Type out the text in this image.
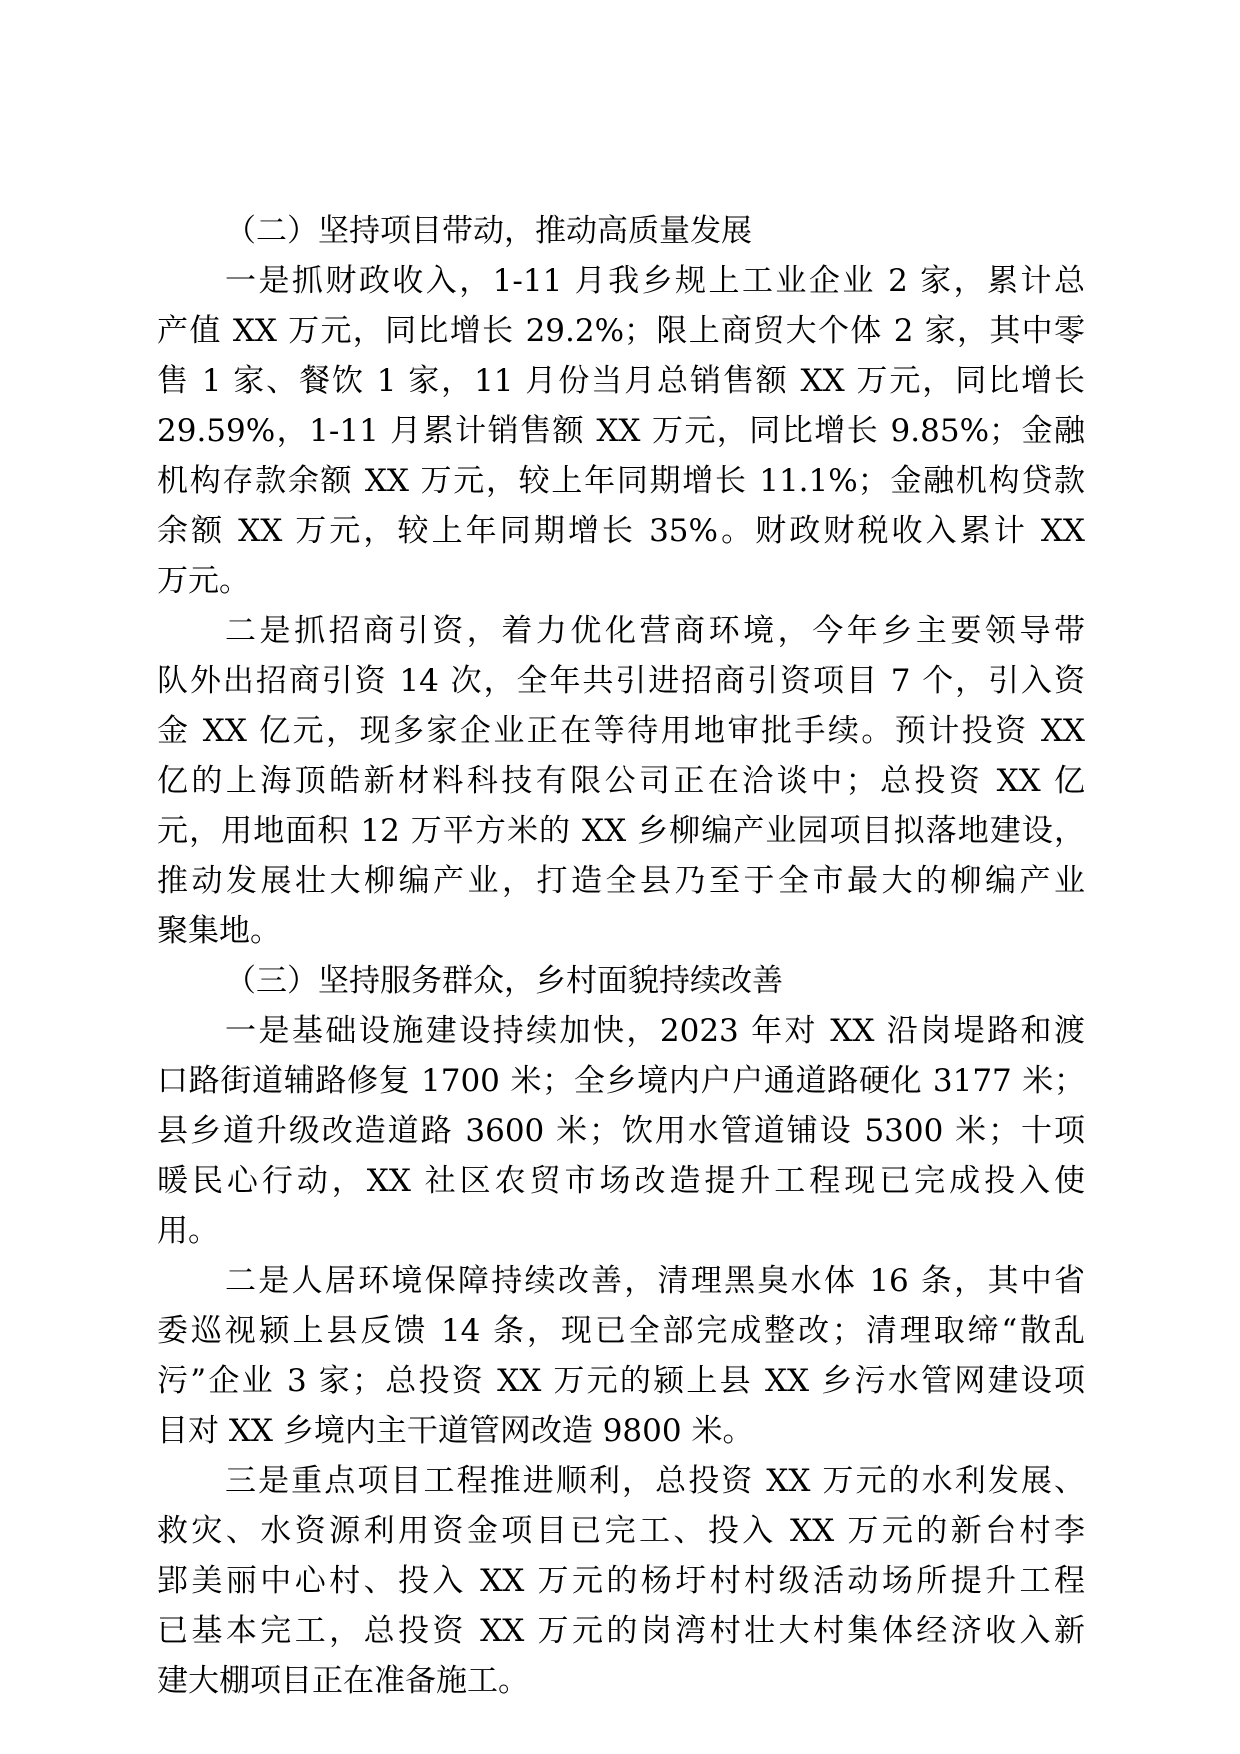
（二）坚持项目带动，推动高质量发展
一是抓财政收入，1-11 月我乡规上工业企业 2 家，累计总
产值 XX 万元，同比增长 29.2%；限上商贸大个体 2 家，其中零
售 1 家、餐饮 1 家，11 月份当月总销售额 XX 万元，同比增长
29.59%，1-11 月累计销售额 XX 万元，同比增长 9.85%；金融
机构存款余额 XX 万元，较上年同期增长 11.1%；金融机构贷款
余额 XX 万元，较上年同期增长 35%。财政财税收入累计 XX
万元。
二是抓招商引资，着力优化营商环境，今年乡主要领导带
队外出招商引资 14 次，全年共引进招商引资项目 7 个，引入资
金 XX 亿元，现多家企业正在等待用地审批手续。预计投资 XX
亿的上海顶皓新材料科技有限公司正在洽谈中；总投资 XX 亿
元，用地面积 12 万平方米的 XX 乡柳编产业园项目拟落地建设，
推动发展壮大柳编产业，打造全县乃至于全市最大的柳编产业
聚集地。
（三）坚持服务群众，乡村面貌持续改善
一是基础设施建设持续加快，2023 年对 XX 沿岗堤路和渡
口路街道辅路修复 1700 米；全乡境内户户通道路硬化 3177 米；
县乡道升级改造道路 3600 米；饮用水管道铺设 5300 米；十项
暖民心行动，XX 社区农贸市场改造提升工程现已完成投入使
用。
二是人居环境保障持续改善，清理黑臭水体 16 条，其中省
委巡视颍上县反馈 14 条，现已全部完成整改；清理取缔“散乱
污”企业 3 家；总投资 XX 万元的颍上县 XX 乡污水管网建设项
目对 XX 乡境内主干道管网改造 9800 米。
三是重点项目工程推进顺利，总投资 XX 万元的水利发展、
救灾、水资源利用资金项目已完工、投入 XX 万元的新台村李
郢美丽中心村、投入 XX 万元的杨圩村村级活动场所提升工程
已基本完工，总投资 XX 万元的岗湾村壮大村集体经济收入新
建大棚项目正在准备施工。
